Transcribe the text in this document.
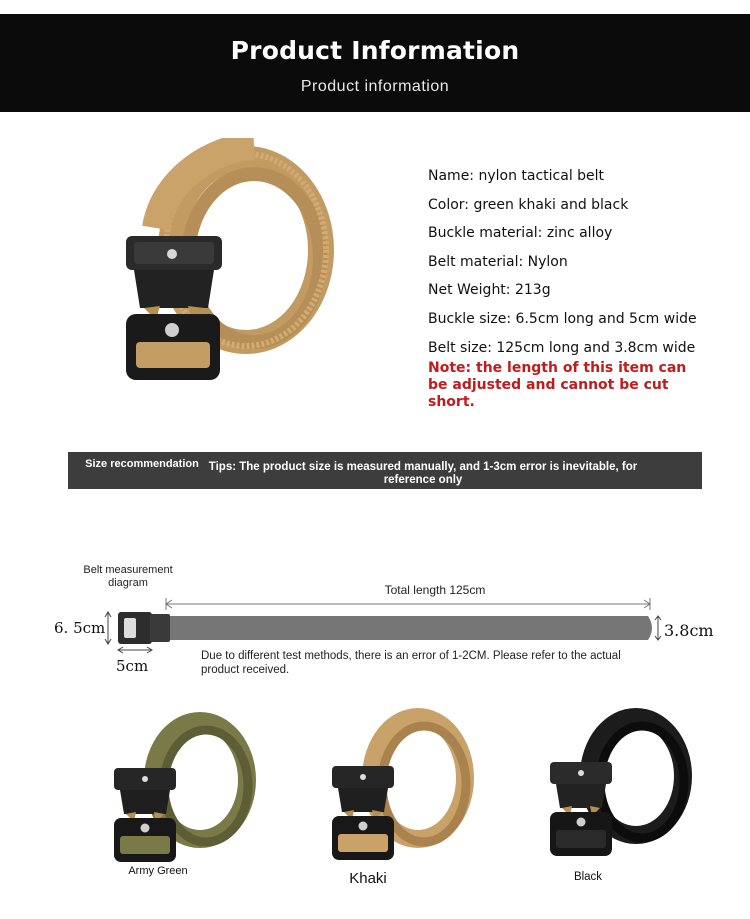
Product Information
Product information
Name: nylon tactical belt
Color: green khaki and black
Buckle material: zinc alloy
Belt material: Nylon
Net Weight: 213g
Buckle size: 6.5cm long and 5cm wide
Belt size: 125cm long and 3.8cm wide
Note: the length of this item can be adjusted and cannot be cut short.
Size recommendation Tips: The product size is measured manually, and 1-3cm error is inevitable, for reference only
Belt measurement diagram	Total length 125cm
6. 5cm	3.8cm
5cm
Due to different test methods, there is an error of 1-2CM. Please refer to the actual product received.
Army Green	Khaki	Black
